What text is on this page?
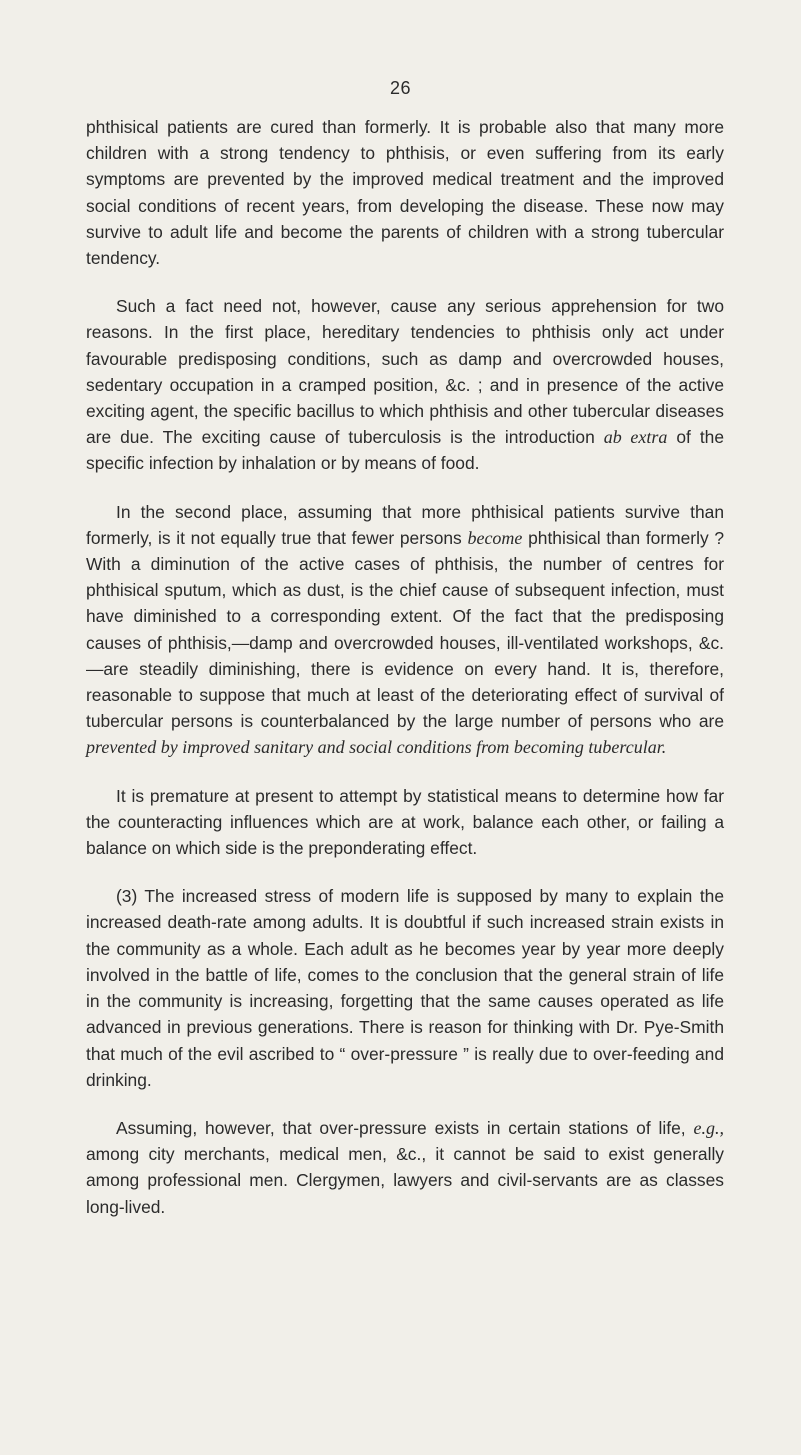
26

phthisical patients are cured than formerly. It is probable also that many more children with a strong tendency to phthisis, or even suffering from its early symptoms are prevented by the improved medical treatment and the improved social conditions of recent years, from developing the disease. These now may survive to adult life and become the parents of children with a strong tubercular tendency.

Such a fact need not, however, cause any serious apprehension for two reasons. In the first place, hereditary tendencies to phthisis only act under favourable predisposing conditions, such as damp and overcrowded houses, sedentary occupation in a cramped position, &c. ; and in presence of the active exciting agent, the specific bacillus to which phthisis and other tubercular diseases are due. The exciting cause of tuberculosis is the introduction ab extra of the specific infection by inhalation or by means of food.

In the second place, assuming that more phthisical patients survive than formerly, is it not equally true that fewer persons become phthisical than formerly ? With a diminution of the active cases of phthisis, the number of centres for phthisical sputum, which as dust, is the chief cause of subsequent infection, must have diminished to a corresponding extent. Of the fact that the predisposing causes of phthisis,—damp and overcrowded houses, ill-ventilated workshops, &c.—are steadily diminishing, there is evidence on every hand. It is, therefore, reasonable to suppose that much at least of the deteriorating effect of survival of tubercular persons is counterbalanced by the large number of persons who are prevented by improved sanitary and social conditions from becoming tubercular.

It is premature at present to attempt by statistical means to determine how far the counteracting influences which are at work, balance each other, or failing a balance on which side is the preponderating effect.

(3) The increased stress of modern life is supposed by many to explain the increased death-rate among adults. It is doubtful if such increased strain exists in the community as a whole. Each adult as he becomes year by year more deeply involved in the battle of life, comes to the conclusion that the general strain of life in the community is increasing, forgetting that the same causes operated as life advanced in previous generations. There is reason for thinking with Dr. Pye-Smith that much of the evil ascribed to “ over-pressure ” is really due to over-feeding and drinking.

Assuming, however, that over-pressure exists in certain stations of life, e.g., among city merchants, medical men, &c., it cannot be said to exist generally among professional men. Clergymen, lawyers and civil-servants are as classes long-lived.
